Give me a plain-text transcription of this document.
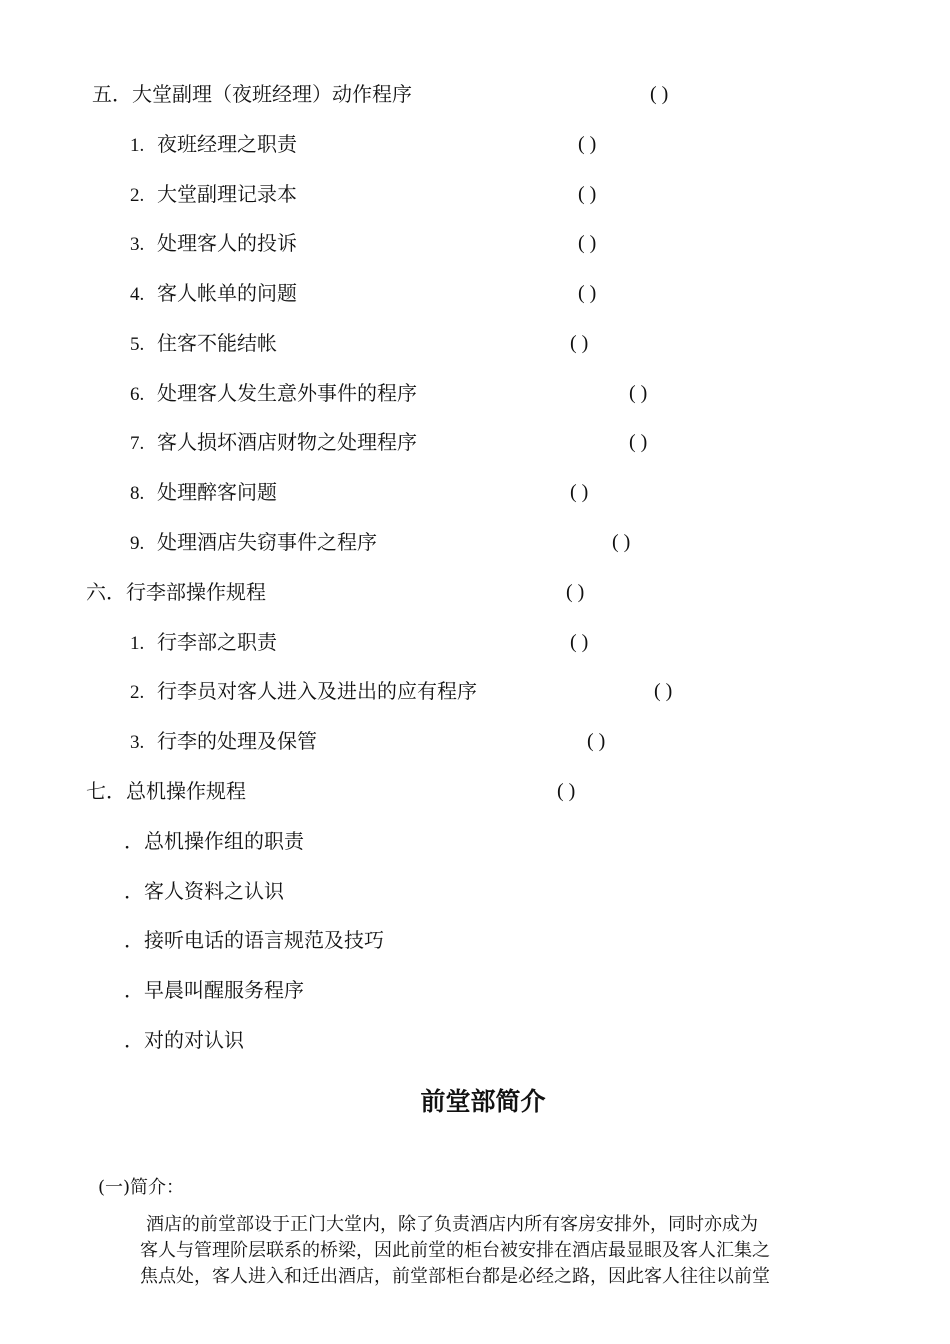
五．大堂副理（夜班经理）动作程序	( )
1. 夜班经理之职责	( )
2. 大堂副理记录本	( )
3. 处理客人的投诉	( )
4. 客人帐单的问题	( )
5. 住客不能结帐	( )
6. 处理客人发生意外事件的程序	( )
7. 客人损坏酒店财物之处理程序	( )
8. 处理醉客问题	( )
9. 处理酒店失窃事件之程序	( )
六．行李部操作规程	( )
1. 行李部之职责	( )
2. 行李员对客人进入及进出的应有程序	( )
3. 行李的处理及保管	( )
七．总机操作规程	( )
．总机操作组的职责
．客人资料之认识
．接听电话的语言规范及技巧
．早晨叫醒服务程序
．对的对认识
前堂部简介
(一)简介：
酒店的前堂部设于正门大堂内，除了负责酒店内所有客房安排外，同时亦成为
客人与管理阶层联系的桥梁，因此前堂的柜台被安排在酒店最显眼及客人汇集之
焦点处，客人进入和迁出酒店，前堂部柜台都是必经之路，因此客人往往以前堂
